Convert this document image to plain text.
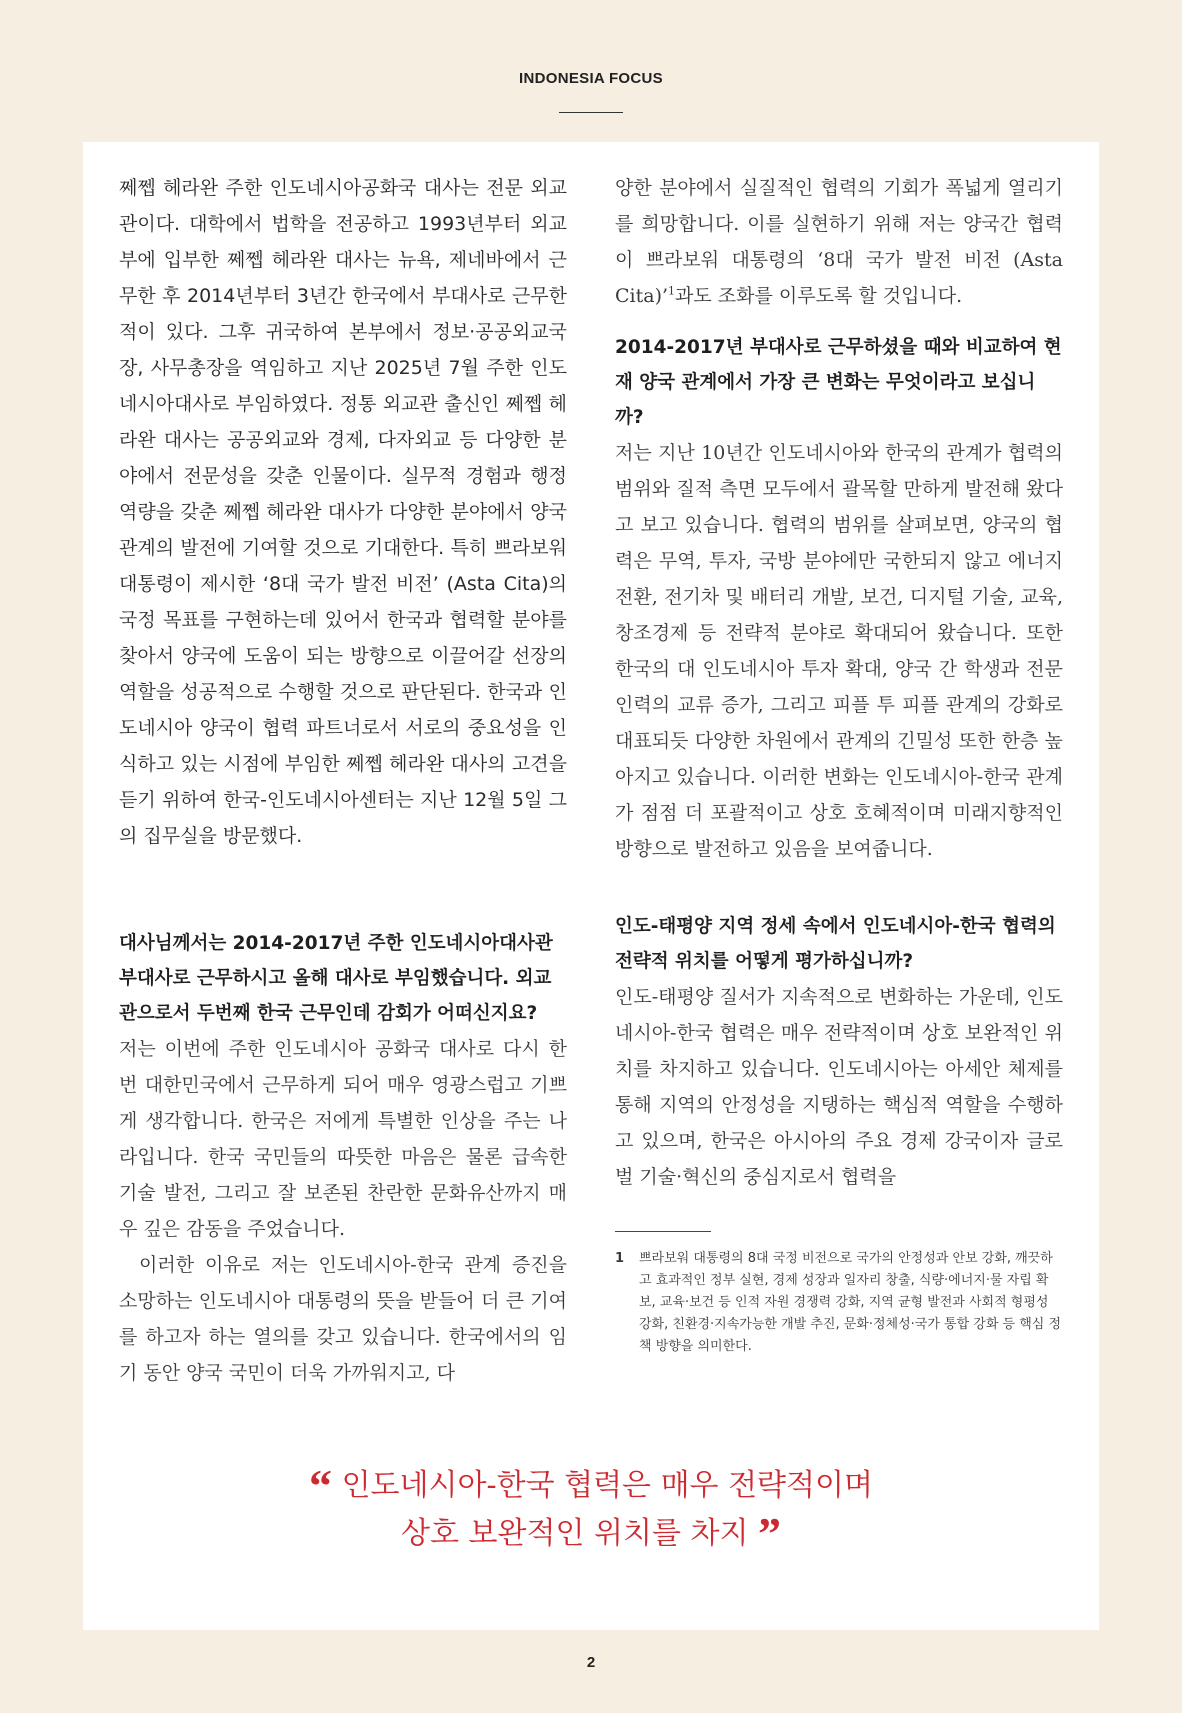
INDONESIA FOCUS

쩨쩹 헤라완 주한 인도네시아공화국 대사는 전문 외교관이다. 대학에서 법학을 전공하고 1993년부터 외교부에 입부한 쩨쩹 헤라완 대사는 뉴욕, 제네바에서 근무한 후 2014년부터 3년간 한국에서 부대사로 근무한 적이 있다. 그후 귀국하여 본부에서 정보·공공외교국장, 사무총장을 역임하고 지난 2025년 7월 주한 인도네시아대사로 부임하였다. 정통 외교관 출신인 쩨쩹 헤라완 대사는 공공외교와 경제, 다자외교 등 다양한 분야에서 전문성을 갖춘 인물이다. 실무적 경험과 행정 역량을 갖춘 쩨쩹 헤라완 대사가 다양한 분야에서 양국 관계의 발전에 기여할 것으로 기대한다. 특히 쁘라보워 대통령이 제시한 ‘8대 국가 발전 비전’ (Asta Cita)의 국정 목표를 구현하는데 있어서 한국과 협력할 분야를 찾아서 양국에 도움이 되는 방향으로 이끌어갈 선장의 역할을 성공적으로 수행할 것으로 판단된다. 한국과 인도네시아 양국이 협력 파트너로서 서로의 중요성을 인식하고 있는 시점에 부임한 쩨쩹 헤라완 대사의 고견을 듣기 위하여 한국-인도네시아센터는 지난 12월 5일 그의 집무실을 방문했다.

대사님께서는 2014-2017년 주한 인도네시아대사관 부대사로 근무하시고 올해 대사로 부임했습니다. 외교관으로서 두번째 한국 근무인데 감회가 어떠신지요?

저는 이번에 주한 인도네시아 공화국 대사로 다시 한 번 대한민국에서 근무하게 되어 매우 영광스럽고 기쁘게 생각합니다. 한국은 저에게 특별한 인상을 주는 나라입니다. 한국 국민들의 따뜻한 마음은 물론 급속한 기술 발전, 그리고 잘 보존된 찬란한 문화유산까지 매우 깊은 감동을 주었습니다.

이러한 이유로 저는 인도네시아-한국 관계 증진을 소망하는 인도네시아 대통령의 뜻을 받들어 더 큰 기여를 하고자 하는 열의를 갖고 있습니다. 한국에서의 임기 동안 양국 국민이 더욱 가까워지고, 다

양한 분야에서 실질적인 협력의 기회가 폭넓게 열리기를 희망합니다. 이를 실현하기 위해 저는 양국간 협력이 쁘라보워 대통령의 ‘8대 국가 발전 비전 (Asta Cita)’$^1$과도 조화를 이루도록 할 것입니다.

2014-2017년 부대사로 근무하셨을 때와 비교하여 현재 양국 관계에서 가장 큰 변화는 무엇이라고 보십니까?

저는 지난 10년간 인도네시아와 한국의 관계가 협력의 범위와 질적 측면 모두에서 괄목할 만하게 발전해 왔다고 보고 있습니다. 협력의 범위를 살펴보면, 양국의 협력은 무역, 투자, 국방 분야에만 국한되지 않고 에너지 전환, 전기차 및 배터리 개발, 보건, 디지털 기술, 교육, 창조경제 등 전략적 분야로 확대되어 왔습니다. 또한 한국의 대 인도네시아 투자 확대, 양국 간 학생과 전문 인력의 교류 증가, 그리고 피플 투 피플 관계의 강화로 대표되듯 다양한 차원에서 관계의 긴밀성 또한 한층 높아지고 있습니다. 이러한 변화는 인도네시아-한국 관계가 점점 더 포괄적이고 상호 호혜적이며 미래지향적인 방향으로 발전하고 있음을 보여줍니다.

인도-태평양 지역 정세 속에서 인도네시아-한국 협력의 전략적 위치를 어떻게 평가하십니까?

인도-태평양 질서가 지속적으로 변화하는 가운데, 인도네시아-한국 협력은 매우 전략적이며 상호 보완적인 위치를 차지하고 있습니다. 인도네시아는 아세안 체제를 통해 지역의 안정성을 지탱하는 핵심적 역할을 수행하고 있으며, 한국은 아시아의 주요 경제 강국이자 글로벌 기술·혁신의 중심지로서 협력을

1	쁘라보워 대통령의 8대 국정 비전으로 국가의 안정성과 안보 강화, 깨끗하고 효과적인 정부 실현, 경제 성장과 일자리 창출, 식량·에너지·물 자립 확보, 교육·보건 등 인적 자원 경쟁력 강화, 지역 균형 발전과 사회적 형평성 강화, 친환경·지속가능한 개발 추진, 문화·정체성·국가 통합 강화 등 핵심 정책 방향을 의미한다.
“ 인도네시아-한국 협력은 매우 전략적이며
상호 보완적인 위치를 차지 ”
2
